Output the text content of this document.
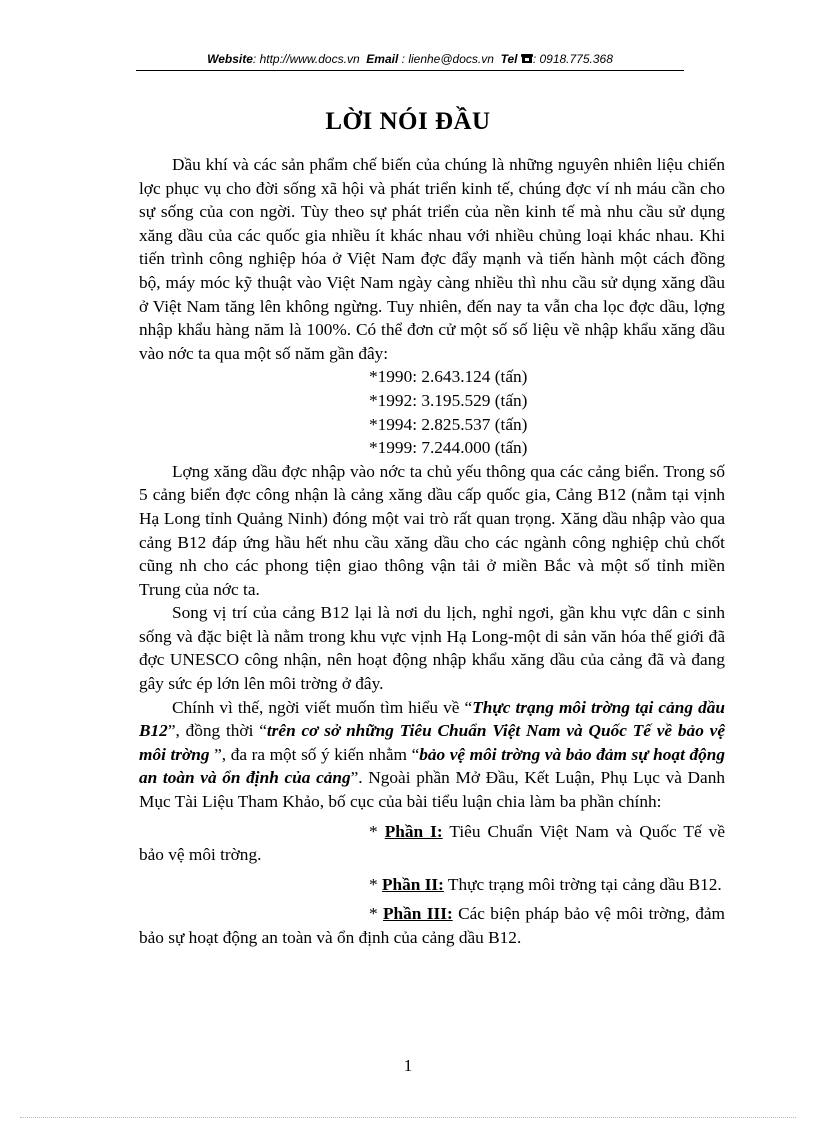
Website: http://www.docs.vn Email : lienhe@docs.vn Tel : 0918.775.368
LỜI NÓI ĐẦU

Dầu khí và các sản phẩm chế biến của chúng là những nguyên nhiên liệu chiến lợc phục vụ cho đời sống xã hội và phát triển kinh tế, chúng đợc ví nh máu cần cho sự sống của con ngời. Tùy theo sự phát triển của nền kinh tế mà nhu cầu sử dụng xăng dầu của các quốc gia nhiều ít khác nhau với nhiều chủng loại khác nhau. Khi tiến trình công nghiệp hóa ở Việt Nam đợc đẩy mạnh và tiến hành một cách đồng bộ, máy móc kỹ thuật vào Việt Nam ngày càng nhiều thì nhu cầu sử dụng xăng dầu ở Việt Nam tăng lên không ngừng. Tuy nhiên, đến nay ta vẫn cha lọc đợc dầu, lợng nhập khẩu hàng năm là 100%. Có thể đơn cử một số số liệu về nhập khẩu xăng dầu vào nớc ta qua một số năm gần đây:

*1990: 2.643.124 (tấn)
*1992: 3.195.529 (tấn)
*1994: 2.825.537 (tấn)
*1999: 7.244.000 (tấn)

Lợng xăng dầu đợc nhập vào nớc ta chủ yếu thông qua các cảng biển. Trong số 5 cảng biển đợc công nhận là cảng xăng dầu cấp quốc gia, Cảng B12 (nằm tại vịnh Hạ Long tỉnh Quảng Ninh) đóng một vai trò rất quan trọng. Xăng dầu nhập vào qua cảng B12 đáp ứng hầu hết nhu cầu xăng dầu cho các ngành công nghiệp chủ chốt cũng nh cho các phong tiện giao thông vận tải ở miền Bắc và một số tỉnh miền Trung của nớc ta.

Song vị trí của cảng B12 lại là nơi du lịch, nghỉ ngơi, gần khu vực dân c sinh sống và đặc biệt là nằm trong khu vực vịnh Hạ Long-một di sản văn hóa thế giới đã đợc UNESCO công nhận, nên hoạt động nhập khẩu xăng dầu của cảng đã và đang gây sức ép lớn lên môi trờng ở đây.

Chính vì thế, ngời viết muốn tìm hiểu về “Thực trạng môi trờng tại cảng dầu B12”, đồng thời “trên cơ sở những Tiêu Chuẩn Việt Nam và Quốc Tế về bảo vệ môi trờng ”, đa ra một số ý kiến nhằm “bảo vệ môi trờng và bảo đảm sự hoạt động an toàn và ổn định của cảng”. Ngoài phần Mở Đầu, Kết Luận, Phụ Lục và Danh Mục Tài Liệu Tham Khảo, bố cục của bài tiểu luận chia làm ba phần chính:

* Phần I: Tiêu Chuẩn Việt Nam và Quốc Tế về bảo vệ môi trờng.

* Phần II: Thực trạng môi trờng tại cảng dầu B12.

* Phần III: Các biện pháp bảo vệ môi trờng, đảm bảo sự hoạt động an toàn và ổn định của cảng dầu B12.

1
